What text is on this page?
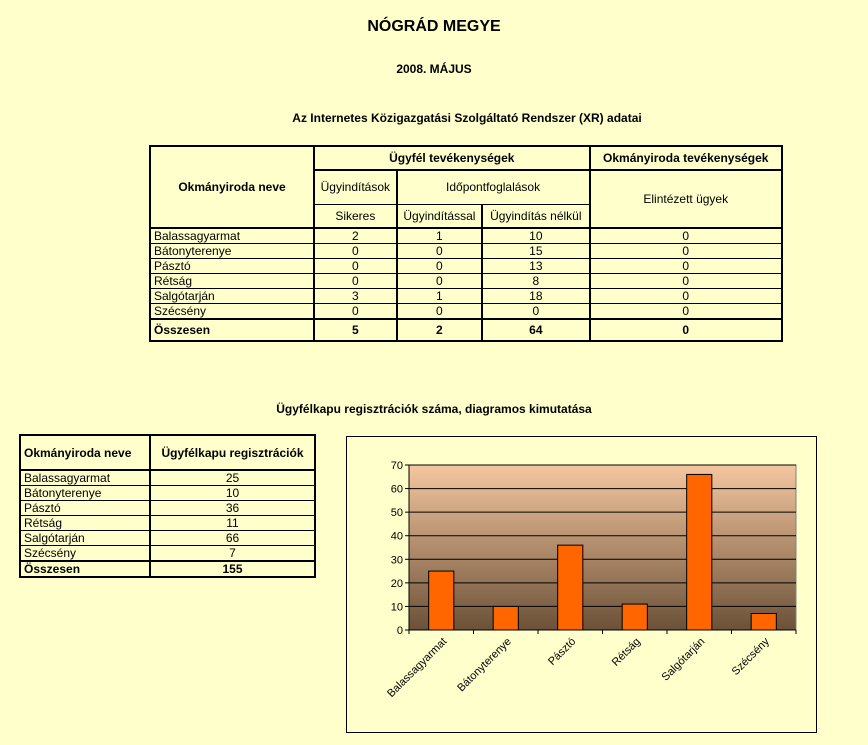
NÓGRÁD MEGYE
2008. MÁJUS
Az Internetes Közigazgatási Szolgáltató Rendszer (XR) adatai
Okmányiroda neve	Ügyfél tevékenységek			Okmányiroda tevékenységek
	Ügyindítások	Időpontfoglalások		Elintézett ügyek
	Sikeres	Ügyindítással	Ügyindítás nélkül	
Balassagyarmat	2	1	10	0
Bátonyterenye	0	0	15	0
Pásztó	0	0	13	0
Rétság	0	0	8	0
Salgótarján	3	1	18	0
Szécsény	0	0	0	0
Összesen	5	2	64	0
Ügyfélkapu regisztrációk száma, diagramos kimutatása
Okmányiroda neve	Ügyfélkapu regisztrációk
Balassagyarmat	25
Bátonyterenye	10
Pásztó	36
Rétság	11
Salgótarján	66
Szécsény	7
Összesen	155
0
10
20
30
40
50
60
70
Balassagyarmat Bátonyterenye	Pásztó	Rétság Salgótarján Szécsény
